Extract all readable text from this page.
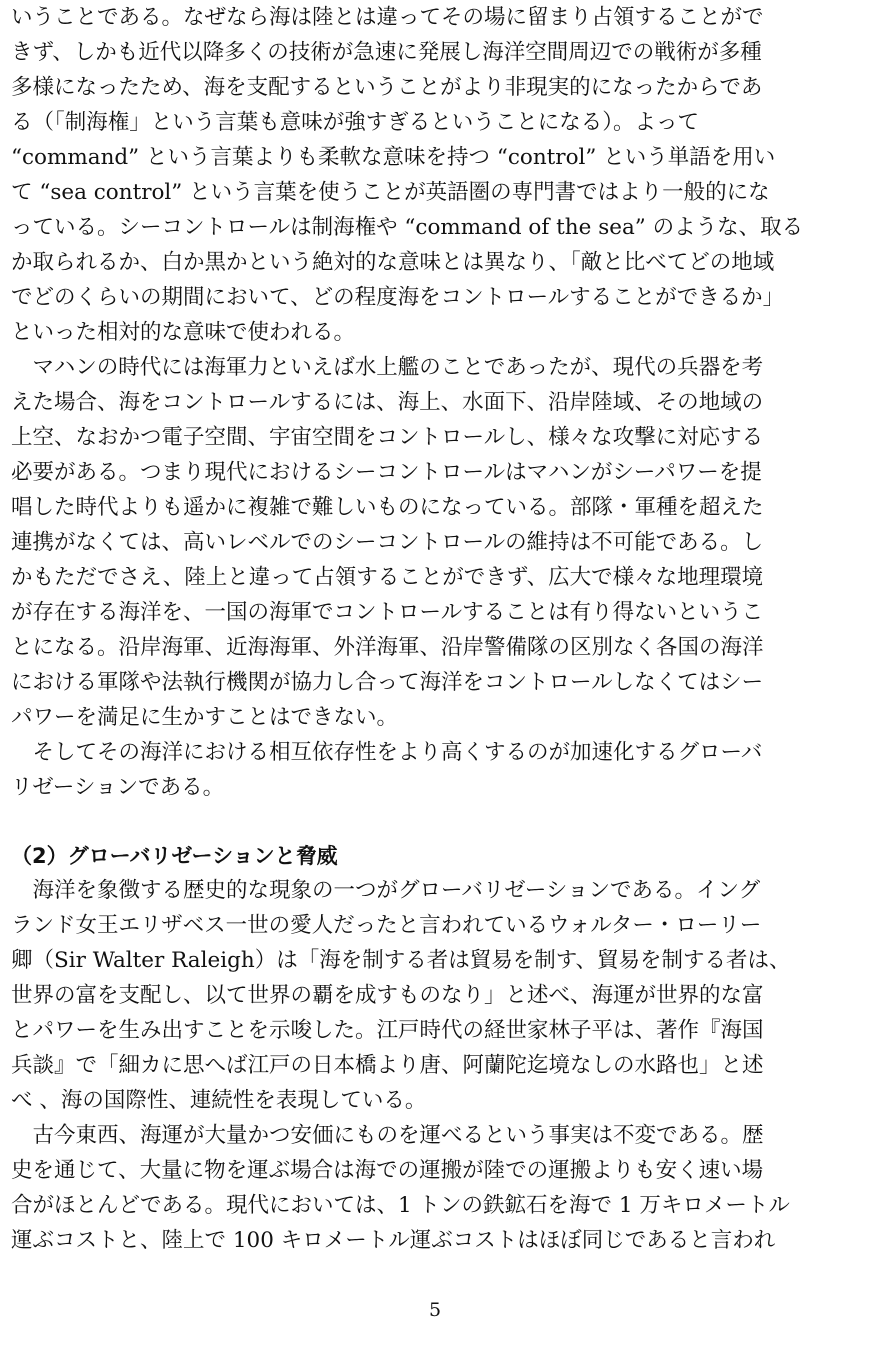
いうことである。なぜなら海は陸とは違ってその場に留まり占領することがで
きず、しかも近代以降多くの技術が急速に発展し海洋空間周辺での戦術が多種
多様になったため、海を支配するということがより非現実的になったからであ
る（「制海権」という言葉も意味が強すぎるということになる）。よって
“command” という言葉よりも柔軟な意味を持つ “control” という単語を用い
て “sea control” という言葉を使うことが英語圏の専門書ではより一般的にな
っている。シーコントロールは制海権や “command of the sea” のような、取る
か取られるか、白か黒かという絶対的な意味とは異なり、「敵と比べてどの地域
でどのくらいの期間において、どの程度海をコントロールすることができるか」
といった相対的な意味で使われる。
　マハンの時代には海軍力といえば水上艦のことであったが、現代の兵器を考
えた場合、海をコントロールするには、海上、水面下、沿岸陸域、その地域の
上空、なおかつ電子空間、宇宙空間をコントロールし、様々な攻撃に対応する
必要がある。つまり現代におけるシーコントロールはマハンがシーパワーを提
唱した時代よりも遥かに複雑で難しいものになっている。部隊・軍種を超えた
連携がなくては、高いレベルでのシーコントロールの維持は不可能である。し
かもただでさえ、陸上と違って占領することができず、広大で様々な地理環境
が存在する海洋を、一国の海軍でコントロールすることは有り得ないというこ
とになる。沿岸海軍、近海海軍、外洋海軍、沿岸警備隊の区別なく各国の海洋
における軍隊や法執行機関が協力し合って海洋をコントロールしなくてはシー
パワーを満足に生かすことはできない。
　そしてその海洋における相互依存性をより高くするのが加速化するグローバ
リゼーションである。
（2）グローバリゼーションと脅威
　海洋を象徴する歴史的な現象の一つがグローバリゼーションである。イング
ランド女王エリザベス一世の愛人だったと言われているウォルター・ローリー
卿（Sir Walter Raleigh）は「海を制する者は貿易を制す、貿易を制する者は、
世界の富を支配し、以て世界の覇を成すものなり」と述べ、海運が世界的な富
とパワーを生み出すことを示唆した。江戸時代の経世家林子平は、著作『海国
兵談』で「細カに思へば江戸の日本橋より唐、阿蘭陀迄境なしの水路也」と述
べ 、海の国際性、連続性を表現している。
　古今東西、海運が大量かつ安価にものを運べるという事実は不変である。歴
史を通じて、大量に物を運ぶ場合は海での運搬が陸での運搬よりも安く速い場
合がほとんどである。現代においては、1 トンの鉄鉱石を海で 1 万キロメートル
運ぶコストと、陸上で 100 キロメートル運ぶコストはほぼ同じであると言われ
5
